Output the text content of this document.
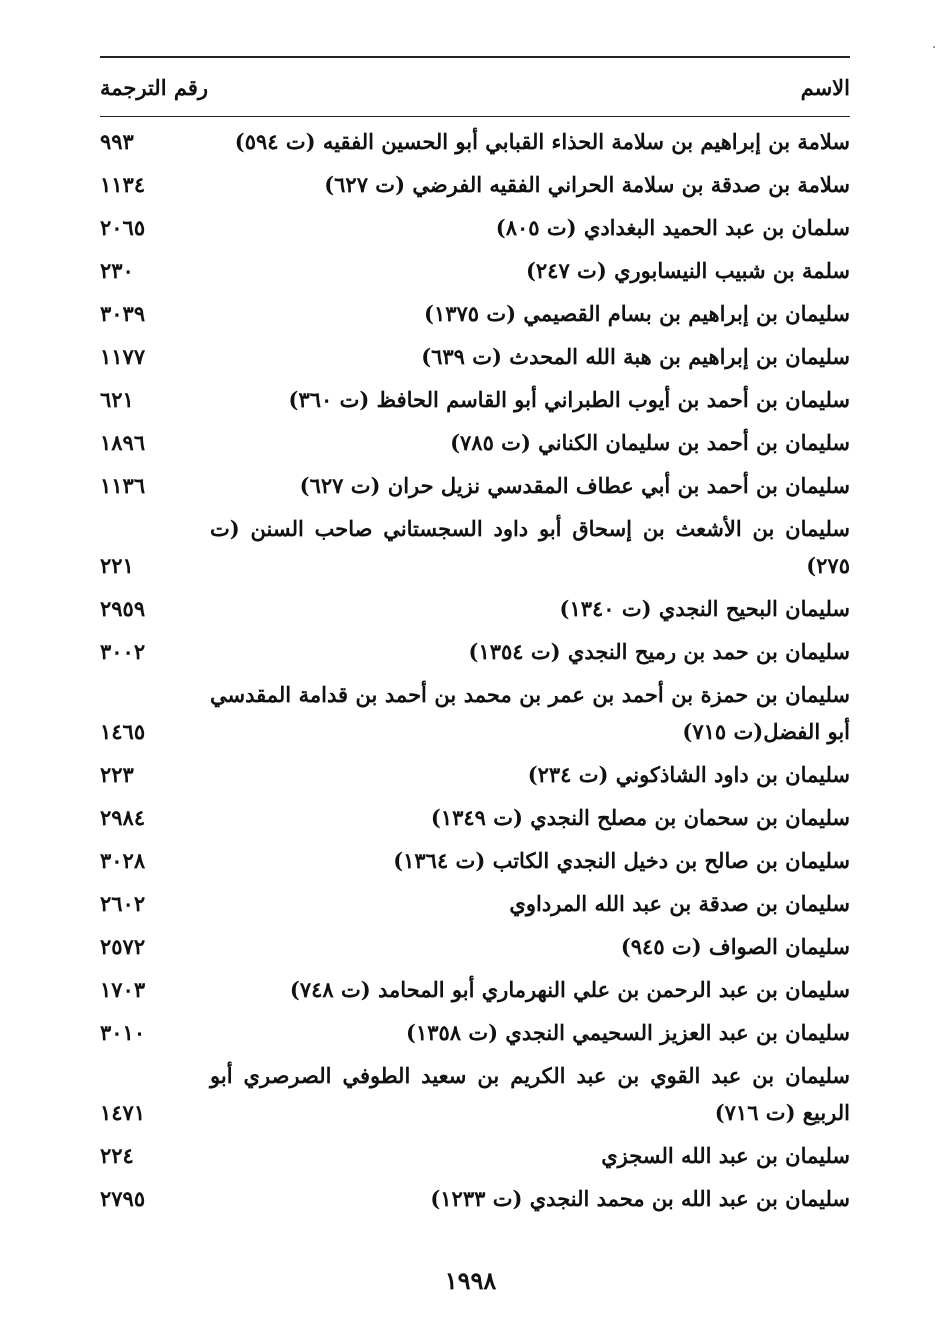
الاسم
رقم الترجمة
سلامة بن إبراهيم بن سلامة الحذاء القبابي أبو الحسين الفقيه (ت ٥٩٤)
٩٩٣
سلامة بن صدقة بن سلامة الحراني الفقيه الفرضي (ت ٦٢٧)
١١٣٤
سلمان بن عبد الحميد البغدادي (ت ٨٠٥)
٢٠٦٥
سلمة بن شبيب النيسابوري (ت ٢٤٧)
٢٣٠
سليمان بن إبراهيم بن بسام القصيمي (ت ١٣٧٥)
٣٠٣٩
سليمان بن إبراهيم بن هبة الله المحدث (ت ٦٣٩)
١١٧٧
سليمان بن أحمد بن أيوب الطبراني أبو القاسم الحافظ (ت ٣٦٠)
٦٢١
سليمان بن أحمد بن سليمان الكناني (ت ٧٨٥)
١٨٩٦
سليمان بن أحمد بن أبي عطاف المقدسي نزيل حران (ت ٦٢٧)
١١٣٦
سليمان بن الأشعث بن إسحاق أبو داود السجستاني صاحب السنن (ت ٢٧٥)
٢٢١
سليمان البحيح النجدي (ت ١٣٤٠)
٢٩٥٩
سليمان بن حمد بن رميح النجدي (ت ١٣٥٤)
٣٠٠٢
سليمان بن حمزة بن أحمد بن عمر بن محمد بن أحمد بن قدامة المقدسي أبو الفضل(ت ٧١٥)
١٤٦٥
سليمان بن داود الشاذكوني (ت ٢٣٤)
٢٢٣
سليمان بن سحمان بن مصلح النجدي (ت ١٣٤٩)
٢٩٨٤
سليمان بن صالح بن دخيل النجدي الكاتب (ت ١٣٦٤)
٣٠٢٨
سليمان بن صدقة بن عبد الله المرداوي
٢٦٠٢
سليمان الصواف (ت ٩٤٥)
٢٥٧٢
سليمان بن عبد الرحمن بن علي النهرماري أبو المحامد (ت ٧٤٨)
١٧٠٣
سليمان بن عبد العزيز السحيمي النجدي (ت ١٣٥٨)
٣٠١٠
سليمان بن عبد القوي بن عبد الكريم بن سعيد الطوفي الصرصري أبو الربيع (ت ٧١٦)
١٤٧١
سليمان بن عبد الله السجزي
٢٢٤
سليمان بن عبد الله بن محمد النجدي (ت ١٢٣٣)
٢٧٩٥
١٩٩٨
